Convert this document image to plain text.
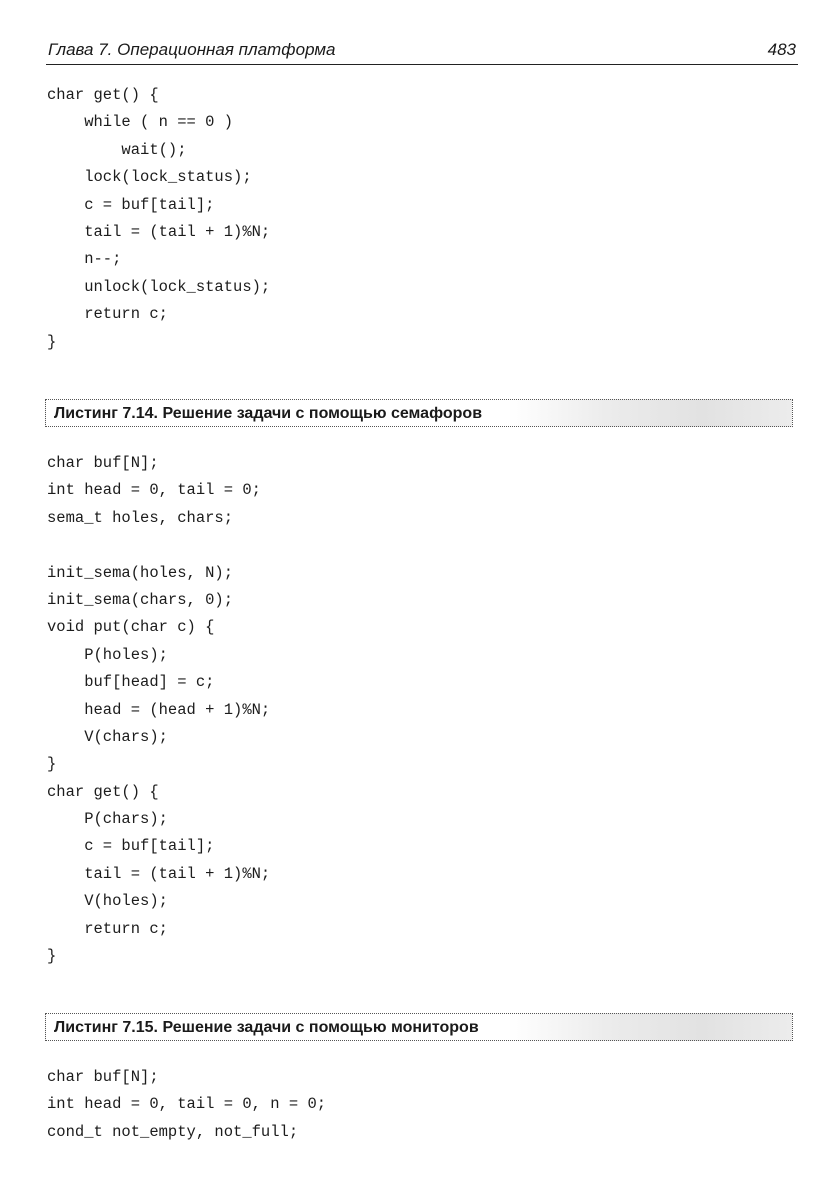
Глава 7. Операционная платформа	483
char get() {
while ( n == 0 )
wait();
lock(lock_status);
c = buf[tail];
tail = (tail + 1)%N;
n--;
unlock(lock_status);
return c;
}
Листинг 7.14. Решение задачи с помощью семафоров
char buf[N];
int head = 0, tail = 0;
sema_t holes, chars;
init_sema(holes, N);
init_sema(chars, 0);
void put(char c) {
P(holes);
buf[head] = c;
head = (head + 1)%N;
V(chars);
}
char get() {
P(chars);
c = buf[tail];
tail = (tail + 1)%N;
V(holes);
return c;
}
Листинг 7.15. Решение задачи с помощью мониторов
char buf[N];
int head = 0, tail = 0, n = 0;
cond_t not_empty, not_full;
